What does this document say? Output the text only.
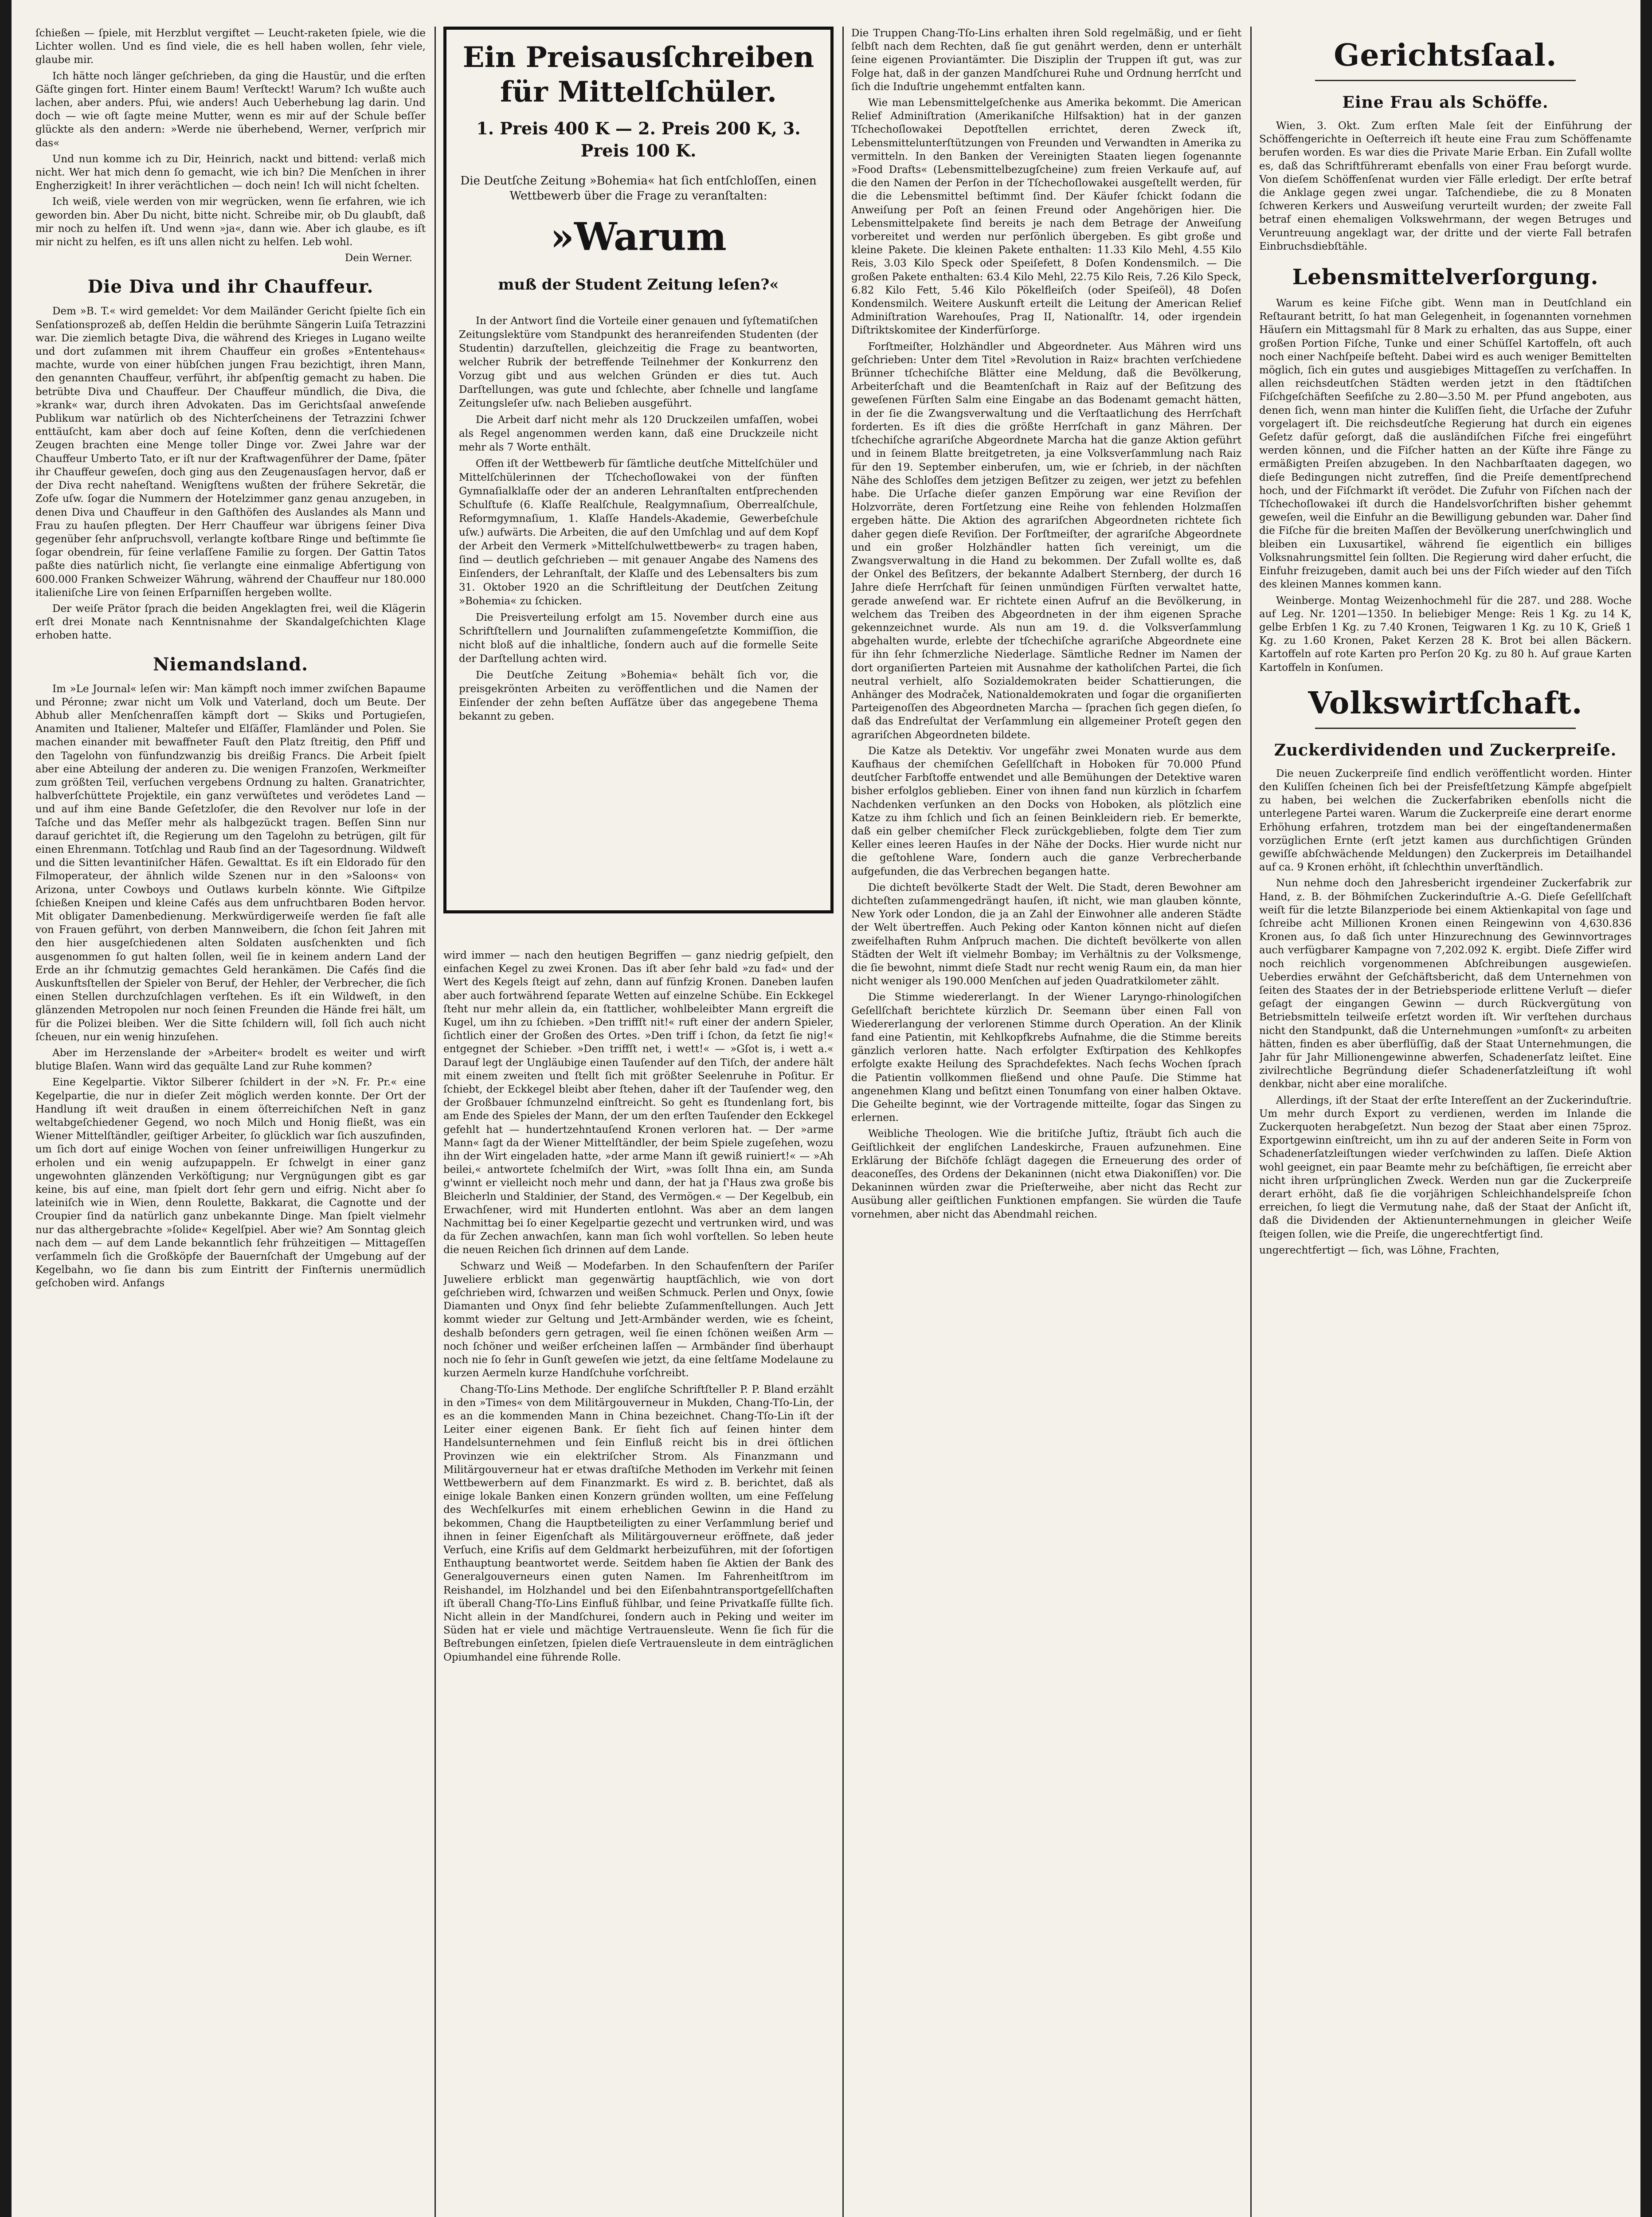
ſchießen — ſpiele, mit Herzblut vergiftet — Leucht-raketen ſpiele, wie die Lichter wollen. Und es ſind viele, die es hell haben wollen, ſehr viele, glaube mir.

Ich hätte noch länger geſchrieben, da ging die Haustür, und die erſten Gäſte gingen fort. Hinter einem Baum! Verſteckt! Warum? Ich wußte auch lachen, aber anders. Pfui, wie anders! Auch Ueberhebung lag darin. Und doch — wie oft ſagte meine Mutter, wenn es mir auf der Schule beſſer glückte als den andern: »Werde nie überhebend, Werner, verſprich mir das«

Und nun komme ich zu Dir, Heinrich, nackt und bittend: verlaß mich nicht. Wer hat mich denn ſo gemacht, wie ich bin? Die Menſchen in ihrer Engherzigkeit! In ihrer verächtlichen — doch nein! Ich will nicht ſchelten.

Ich weiß, viele werden von mir wegrücken, wenn ſie erfahren, wie ich geworden bin. Aber Du nicht, bitte nicht. Schreibe mir, ob Du glaubſt, daß mir noch zu helfen iſt. Und wenn »ja«, dann wie. Aber ich glaube, es iſt mir nicht zu helfen, es iſt uns allen nicht zu helfen. Leb wohl.

Dein Werner.

Die Diva und ihr Chauffeur.

Dem »B. T.« wird gemeldet: Vor dem Mailänder Gericht ſpielte ſich ein Senſationsprozeß ab, deſſen Heldin die berühmte Sängerin Luiſa Tetrazzini war. Die ziemlich betagte Diva, die während des Krieges in Lugano weilte und dort zuſammen mit ihrem Chauffeur ein großes »Ententehaus« machte, wurde von einer hübſchen jungen Frau bezichtigt, ihren Mann, den genannten Chauffeur, verführt, ihr abſpenſtig gemacht zu haben. Die betrübte Diva und Chauffeur. Der Chauffeur mündlich, die Diva, die »krank« war, durch ihren Advokaten. Das im Gerichtsſaal anweſende Publikum war natürlich ob des Nichterſcheinens der Tetrazzini ſchwer enttäuſcht, kam aber doch auf ſeine Koſten, denn die verſchiedenen Zeugen brachten eine Menge toller Dinge vor. Zwei Jahre war der Chauffeur Umberto Tato, er iſt nur der Kraftwagenführer der Dame, ſpäter ihr Chauffeur geweſen, doch ging aus den Zeugenausſagen hervor, daß er der Diva recht naheſtand. Wenigſtens wußten der frühere Sekretär, die Zofe uſw. ſogar die Nummern der Hotelzimmer ganz genau anzugeben, in denen Diva und Chauffeur in den Gaſthöfen des Auslandes als Mann und Frau zu hauſen pflegten. Der Herr Chauffeur war übrigens ſeiner Diva gegenüber ſehr anſpruchsvoll, verlangte koſtbare Ringe und beſtimmte ſie ſogar obendrein, für ſeine verlaſſene Familie zu ſorgen. Der Gattin Tatos paßte dies natürlich nicht, ſie verlangte eine einmalige Abfertigung von 600.000 Franken Schweizer Währung, während der Chauffeur nur 180.000 italieniſche Lire von ſeinen Erſparniſſen hergeben wollte.

Der weiſe Prätor ſprach die beiden Angeklagten frei, weil die Klägerin erſt drei Monate nach Kenntnisnahme der Skandalgeſchichten Klage erhoben hatte.

Niemandsland.

Im »Le Journal« leſen wir: Man kämpft noch immer zwiſchen Bapaume und Péronne; zwar nicht um Volk und Vaterland, doch um Beute. Der Abhub aller Menſchenraſſen kämpft dort — Skiks und Portugieſen, Anamiten und Italiener, Malteſer und Elſäſſer, Flamländer und Polen. Sie machen einander mit bewaffneter Fauſt den Platz ſtreitig, den Pfiff und den Tagelohn von fünfundzwanzig bis dreißig Francs. Die Arbeit ſpielt aber eine Abteilung der anderen zu. Die wenigen Franzoſen, Werkmeiſter zum größten Teil, verſuchen vergebens Ordnung zu halten. Granatrichter, halbverſchüttete Projektile, ein ganz verwüſtetes und verödetes Land — und auf ihm eine Bande Geſetzloſer, die den Revolver nur loſe in der Taſche und das Meſſer mehr als halbgezückt tragen. Beſſen Sinn nur darauf gerichtet iſt, die Regierung um den Tagelohn zu betrügen, gilt für einen Ehrenmann. Totſchlag und Raub ſind an der Tagesordnung. Wildweſt und die Sitten levantiniſcher Häfen. Gewalttat. Es iſt ein Eldorado für den Filmoperateur, der ähnlich wilde Szenen nur in den »Saloons« von Arizona, unter Cowboys und Outlaws kurbeln könnte. Wie Giftpilze ſchießen Kneipen und kleine Cafés aus dem unfruchtbaren Boden hervor. Mit obligater Damenbedienung. Merkwürdigerweiſe werden ſie faſt alle von Frauen geführt, von derben Mannweibern, die ſchon ſeit Jahren mit den hier ausgeſchiedenen alten Soldaten ausſchenkten und ſich ausgenommen ſo gut halten ſollen, weil ſie in keinem andern Land der Erde an ihr ſchmutzig gemachtes Geld herankämen. Die Cafés ſind die Auskunftsſtellen der Spieler von Beruf, der Hehler, der Verbrecher, die ſich einen Stellen durchzuſchlagen verſtehen. Es iſt ein Wildweſt, in den glänzenden Metropolen nur noch ſeinen Freunden die Hände frei hält, um für die Polizei bleiben. Wer die Sitte ſchildern will, ſoll ſich auch nicht ſcheuen, nur ein wenig hinzuſehen.

Aber im Herzenslande der »Arbeiter« brodelt es weiter und wirft blutige Blaſen. Wann wird das gequälte Land zur Ruhe kommen?

Eine Kegelpartie. Viktor Silberer ſchildert in der »N. Fr. Pr.« eine Kegelpartie, die nur in dieſer Zeit möglich werden konnte. Der Ort der Handlung iſt weit draußen in einem öſterreichiſchen Neſt in ganz weltabgeſchiedener Gegend, wo noch Milch und Honig fließt, was ein Wiener Mittelſtändler, geiſtiger Arbeiter, ſo glücklich war ſich auszufinden, um ſich dort auf einige Wochen von ſeiner unfreiwilligen Hungerkur zu erholen und ein wenig aufzupappeln. Er ſchwelgt in einer ganz ungewohnten glänzenden Verköſtigung; nur Vergnügungen gibt es gar keine, bis auf eine, man ſpielt dort ſehr gern und eifrig. Nicht aber ſo lateiniſch wie in Wien, denn Roulette, Bakkarat, die Cagnotte und der Croupier ſind da natürlich ganz unbekannte Dinge. Man ſpielt vielmehr nur das althergebrachte »ſolide« Kegelſpiel. Aber wie? Am Sonntag gleich nach dem — auf dem Lande bekanntlich ſehr frühzeitigen — Mittageſſen verſammeln ſich die Großköpfe der Bauernſchaft der Umgebung auf der Kegelbahn, wo ſie dann bis zum Eintritt der Finſternis unermüdlich geſchoben wird. Anfangs

Ein Preisausſchreiben für Mittelſchüler.
1. Preis 400 K — 2. Preis 200 K, 3. Preis 100 K.
Die Deutſche Zeitung »Bohemia« hat ſich entſchloſſen, einen Wettbewerb über die Frage zu veranſtalten:
»Warum muß der Student Zeitung leſen?«

In der Antwort ſind die Vorteile einer genauen und ſyſtematiſchen Zeitungslektüre vom Standpunkt des heranreifenden Studenten (der Studentin) darzuſtellen, gleichzeitig die Frage zu beantworten, welcher Rubrik der betreffende Teilnehmer der Konkurrenz den Vorzug gibt und aus welchen Gründen er dies tut. Auch Darſtellungen, was gute und ſchlechte, aber ſchnelle und langſame Zeitungsleſer uſw. nach Belieben ausgeführt.

Die Arbeit darf nicht mehr als 120 Druckzeilen umfaſſen, wobei als Regel angenommen werden kann, daß eine Druckzeile nicht mehr als 7 Worte enthält.

Offen iſt der Wettbewerb für ſämtliche deutſche Mittelſchüler und Mittelſchülerinnen der Tſchechoſlowakei von der fünften Gymnaſialklaſſe oder der an anderen Lehranſtalten entſprechenden Schulſtufe (6. Klaſſe Realſchule, Realgymnaſium, Oberrealſchule, Reformgymnaſium, 1. Klaſſe Handels-Akademie, Gewerbeſchule uſw.) aufwärts. Die Arbeiten, die auf den Umſchlag und auf dem Kopf der Arbeit den Vermerk »Mittelſchulwettbewerb« zu tragen haben, ſind — deutlich geſchrieben — mit genauer Angabe des Namens des Einſenders, der Lehranſtalt, der Klaſſe und des Lebensalters bis zum 31. Oktober 1920 an die Schriftleitung der Deutſchen Zeitung »Bohemia« zu ſchicken.

Die Preisverteilung erfolgt am 15. November durch eine aus Schriftſtellern und Journaliſten zuſammengeſetzte Kommiſſion, die nicht bloß auf die inhaltliche, ſondern auch auf die formelle Seite der Darſtellung achten wird.

Die Deutſche Zeitung »Bohemia« behält ſich vor, die preisgekrönten Arbeiten zu veröffentlichen und die Namen der Einſender der zehn beſten Aufſätze über das angegebene Thema bekannt zu geben.

wird immer — nach den heutigen Begriffen — ganz niedrig geſpielt, den einfachen Kegel zu zwei Kronen. Das iſt aber ſehr bald »zu fad« und der Wert des Kegels ſteigt auf zehn, dann auf fünfzig Kronen. Daneben laufen aber auch fortwährend ſeparate Wetten auf einzelne Schübe. Ein Eckkegel ſteht nur mehr allein da, ein ſtattlicher, wohlbeleibter Mann ergreift die Kugel, um ihn zu ſchieben. »Den triffſt nit!« ruft einer der andern Spieler, ſichtlich einer der Großen des Ortes. »Den triff i ſchon, da ſetzt ſie nig!« entgegnet der Schieber. »Den triffſt net, i wett!« — »Gſot is, i wett a.« Darauf legt der Ungläubige einen Tauſender auf den Tiſch, der andere hält mit einem zweiten und ſtellt ſich mit größter Seelenruhe in Poſitur. Er ſchiebt, der Eckkegel bleibt aber ſtehen, daher iſt der Tauſender weg, den der Großbauer ſchmunzelnd einſtreicht. So geht es ſtundenlang fort, bis am Ende des Spieles der Mann, der um den erſten Tauſender den Eckkegel gefehlt hat — hundertzehntauſend Kronen verloren hat. — Der »arme Mann« ſagt da der Wiener Mittelſtändler, der beim Spiele zugeſehen, wozu ihn der Wirt eingeladen hatte, »der arme Mann iſt gewiß ruiniert!« — »Ah beilei,« antwortete ſchelmiſch der Wirt, »was ſollt Ihna ein, am Sunda g'winnt er vielleicht noch mehr und dann, der hat ja ſ'Haus zwa große bis Bleicherln und Staldinier, der Stand, des Vermögen.« — Der Kegelbub, ein Erwachſener, wird mit Hunderten entlohnt. Was aber an dem langen Nachmittag bei ſo einer Kegelpartie gezecht und vertrunken wird, und was da für Zechen anwachſen, kann man ſich wohl vorſtellen. So leben heute die neuen Reichen ſich drinnen auf dem Lande.

Schwarz und Weiß — Modefarben. In den Schaufenſtern der Pariſer Juweliere erblickt man gegenwärtig hauptſächlich, wie von dort geſchrieben wird, ſchwarzen und weißen Schmuck. Perlen und Onyx, ſowie Diamanten und Onyx ſind ſehr beliebte Zuſammenſtellungen. Auch Jett kommt wieder zur Geltung und Jett-Armbänder werden, wie es ſcheint, deshalb beſonders gern getragen, weil ſie einen ſchönen weißen Arm — noch ſchöner und weißer erſcheinen laſſen — Armbänder ſind überhaupt noch nie ſo ſehr in Gunſt geweſen wie jetzt, da eine ſeltſame Modelaune zu kurzen Aermeln kurze Handſchuhe vorſchreibt.

Chang-Tſo-Lins Methode. Der engliſche Schriftſteller P. P. Bland erzählt in den »Times« von dem Militärgouverneur in Mukden, Chang-Tſo-Lin, der es an die kommenden Mann in China bezeichnet. Chang-Tſo-Lin iſt der Leiter einer eigenen Bank. Er ſieht ſich auf ſeinen hinter dem Handelsunternehmen und ſein Einfluß reicht bis in drei öſtlichen Provinzen wie ein elektriſcher Strom. Als Finanzmann und Militärgouverneur hat er etwas draſtiſche Methoden im Verkehr mit ſeinen Wettbewerbern auf dem Finanzmarkt. Es wird z. B. berichtet, daß als einige lokale Banken einen Konzern gründen wollten, um eine Feſſelung des Wechſelkurſes mit einem erheblichen Gewinn in die Hand zu bekommen, Chang die Hauptbeteiligten zu einer Verſammlung berief und ihnen in ſeiner Eigenſchaft als Militärgouverneur eröffnete, daß jeder Verſuch, eine Kriſis auf dem Geldmarkt herbeizuführen, mit der ſofortigen Enthauptung beantwortet werde. Seitdem haben ſie Aktien der Bank des Generalgouverneurs einen guten Namen. Im Fahrenheitſtrom im Reishandel, im Holzhandel und bei den Eiſenbahntransportgeſellſchaften iſt überall Chang-Tſo-Lins Einfluß fühlbar, und ſeine Privatkaſſe füllte ſich. Nicht allein in der Mandſchurei, ſondern auch in Peking und weiter im Süden hat er viele und mächtige Vertrauensleute. Wenn ſie ſich für die Beſtrebungen einſetzen, ſpielen dieſe Vertrauensleute in dem einträglichen Opiumhandel eine führende Rolle.

Die Truppen Chang-Tſo-Lins erhalten ihren Sold regelmäßig, und er ſieht ſelbſt nach dem Rechten, daß ſie gut genährt werden, denn er unterhält ſeine eigenen Proviantämter. Die Disziplin der Truppen iſt gut, was zur Folge hat, daß in der ganzen Mandſchurei Ruhe und Ordnung herrſcht und ſich die Induſtrie ungehemmt entfalten kann.

Wie man Lebensmittelgeſchenke aus Amerika bekommt. Die American Relief Adminiſtration (Amerikaniſche Hilfsaktion) hat in der ganzen Tſchechoſlowakei Depotſtellen errichtet, deren Zweck iſt, Lebensmittelunterſtützungen von Freunden und Verwandten in Amerika zu vermitteln. In den Banken der Vereinigten Staaten liegen ſogenannte »Food Drafts« (Lebensmittelbezugſcheine) zum freien Verkaufe auf, auf die den Namen der Perſon in der Tſchechoſlowakei ausgeſtellt werden, für die die Lebensmittel beſtimmt ſind. Der Käufer ſchickt ſodann die Anweiſung per Poſt an ſeinen Freund oder Angehörigen hier. Die Lebensmittelpakete ſind bereits je nach dem Betrage der Anweiſung vorbereitet und werden nur perſönlich übergeben. Es gibt große und kleine Pakete. Die kleinen Pakete enthalten: 11.33 Kilo Mehl, 4.55 Kilo Reis, 3.03 Kilo Speck oder Speiſefett, 8 Doſen Kondensmilch. — Die großen Pakete enthalten: 63.4 Kilo Mehl, 22.75 Kilo Reis, 7.26 Kilo Speck, 6.82 Kilo Fett, 5.46 Kilo Pökelfleiſch (oder Speiſeöl), 48 Doſen Kondensmilch. Weitere Auskunft erteilt die Leitung der American Relief Adminiſtration Warehouſes, Prag II, Nationalſtr. 14, oder irgendein Diſtriktskomitee der Kinderfürſorge.

Forſtmeiſter, Holzhändler und Abgeordneter. Aus Mähren wird uns geſchrieben: Unter dem Titel »Revolution in Raiz« brachten verſchiedene Brünner tſchechiſche Blätter eine Meldung, daß die Bevölkerung, Arbeiterſchaft und die Beamtenſchaft in Raiz auf der Beſitzung des geweſenen Fürſten Salm eine Eingabe an das Bodenamt gemacht hätten, in der ſie die Zwangsverwaltung und die Verſtaatlichung des Herrſchaft forderten. Es iſt dies die größte Herrſchaft in ganz Mähren. Der tſchechiſche agrariſche Abgeordnete Marcha hat die ganze Aktion geführt und in ſeinem Blatte breitgetreten, ja eine Volksverſammlung nach Raiz für den 19. September einberufen, um, wie er ſchrieb, in der nächſten Nähe des Schloſſes dem jetzigen Beſitzer zu zeigen, wer jetzt zu befehlen habe. Die Urſache dieſer ganzen Empörung war eine Reviſion der Holzvorräte, deren Fortſetzung eine Reihe von fehlenden Holzmaſſen ergeben hätte. Die Aktion des agrariſchen Abgeordneten richtete ſich daher gegen dieſe Reviſion. Der Forſtmeiſter, der agrariſche Abgeordnete und ein großer Holzhändler hatten ſich vereinigt, um die Zwangsverwaltung in die Hand zu bekommen. Der Zufall wollte es, daß der Onkel des Beſitzers, der bekannte Adalbert Sternberg, der durch 16 Jahre dieſe Herrſchaft für ſeinen unmündigen Fürſten verwaltet hatte, gerade anweſend war. Er richtete einen Aufruf an die Bevölkerung, in welchem das Treiben des Abgeordneten in der ihm eigenen Sprache gekennzeichnet wurde. Als nun am 19. d. die Volksverſammlung abgehalten wurde, erlebte der tſchechiſche agrariſche Abgeordnete eine für ihn ſehr ſchmerzliche Niederlage. Sämtliche Redner im Namen der dort organiſierten Parteien mit Ausnahme der katholiſchen Partei, die ſich neutral verhielt, alſo Sozialdemokraten beider Schattierungen, die Anhänger des Modraček, Nationaldemokraten und ſogar die organiſierten Parteigenoſſen des Abgeordneten Marcha — ſprachen ſich gegen dieſen, ſo daß das Endreſultat der Verſammlung ein allgemeiner Proteſt gegen den agrariſchen Abgeordneten bildete.

Die Katze als Detektiv. Vor ungefähr zwei Monaten wurde aus dem Kaufhaus der chemiſchen Geſellſchaft in Hoboken für 70.000 Pfund deutſcher Farbſtoffe entwendet und alle Bemühungen der Detektive waren bisher erfolglos geblieben. Einer von ihnen fand nun kürzlich in ſcharfem Nachdenken verſunken an den Docks von Hoboken, als plötzlich eine Katze zu ihm ſchlich und ſich an ſeinen Beinkleidern rieb. Er bemerkte, daß ein gelber chemiſcher Fleck zurückgeblieben, folgte dem Tier zum Keller eines leeren Hauſes in der Nähe der Docks. Hier wurde nicht nur die geſtohlene Ware, ſondern auch die ganze Verbrecherbande aufgefunden, die das Verbrechen begangen hatte.

Die dichteſt bevölkerte Stadt der Welt. Die Stadt, deren Bewohner am dichteſten zuſammengedrängt hauſen, iſt nicht, wie man glauben könnte, New York oder London, die ja an Zahl der Einwohner alle anderen Städte der Welt übertreffen. Auch Peking oder Kanton können nicht auf dieſen zweifelhaften Ruhm Anſpruch machen. Die dichteſt bevölkerte von allen Städten der Welt iſt vielmehr Bombay; im Verhältnis zu der Volksmenge, die ſie bewohnt, nimmt dieſe Stadt nur recht wenig Raum ein, da man hier nicht weniger als 190.000 Menſchen auf jeden Quadratkilometer zählt.

Die Stimme wiedererlangt. In der Wiener Laryngo-rhinologiſchen Geſellſchaft berichtete kürzlich Dr. Seemann über einen Fall von Wiedererlangung der verlorenen Stimme durch Operation. An der Klinik fand eine Patientin, mit Kehlkopfkrebs Aufnahme, die die Stimme bereits gänzlich verloren hatte. Nach erfolgter Exſtirpation des Kehlkopfes erfolgte exakte Heilung des Sprachdefektes. Nach ſechs Wochen ſprach die Patientin vollkommen fließend und ohne Pauſe. Die Stimme hat angenehmen Klang und beſitzt einen Tonumfang von einer halben Oktave. Die Geheilte beginnt, wie der Vortragende mitteilte, ſogar das Singen zu erlernen.

Weibliche Theologen. Wie die britiſche Juſtiz, ſträubt ſich auch die Geiſtlichkeit der engliſchen Landeskirche, Frauen aufzunehmen. Eine Erklärung der Biſchöfe ſchlägt dagegen die Erneuerung des order of deaconeſſes, des Ordens der Dekaninnen (nicht etwa Diakoniſſen) vor. Die Dekaninnen würden zwar die Prieſterweihe, aber nicht das Recht zur Ausübung aller geiſtlichen Funktionen empfangen. Sie würden die Taufe vornehmen, aber nicht das Abendmahl reichen.

Gerichtsſaal.
Eine Frau als Schöffe.

Wien, 3. Okt. Zum erſten Male ſeit der Einführung der Schöffengerichte in Oeſterreich iſt heute eine Frau zum Schöffenamte berufen worden. Es war dies die Private Marie Erban. Ein Zufall wollte es, daß das Schriftführeramt ebenfalls von einer Frau beſorgt wurde. Von dieſem Schöffenſenat wurden vier Fälle erledigt. Der erſte betraf die Anklage gegen zwei ungar. Taſchendiebe, die zu 8 Monaten ſchweren Kerkers und Ausweiſung verurteilt wurden; der zweite Fall betraf einen ehemaligen Volkswehrmann, der wegen Betruges und Veruntreuung angeklagt war, der dritte und der vierte Fall betrafen Einbruchsdiebſtähle.

Lebensmittelverſorgung.

Warum es keine Fiſche gibt. Wenn man in Deutſchland ein Reſtaurant betritt, ſo hat man Gelegenheit, in ſogenannten vornehmen Häuſern ein Mittagsmahl für 8 Mark zu erhalten, das aus Suppe, einer großen Portion Fiſche, Tunke und einer Schüſſel Kartoffeln, oft auch noch einer Nachſpeiſe beſteht. Dabei wird es auch weniger Bemittelten möglich, ſich ein gutes und ausgiebiges Mittageſſen zu verſchaffen. In allen reichsdeutſchen Städten werden jetzt in den ſtädtiſchen Fiſchgeſchäften Seefiſche zu 2.80—3.50 M. per Pfund angeboten, aus denen ſich, wenn man hinter die Kuliſſen ſieht, die Urſache der Zufuhr vorgelagert iſt. Die reichsdeutſche Regierung hat durch ein eigenes Geſetz dafür geſorgt, daß die ausländiſchen Fiſche frei eingeführt werden können, und die Fiſcher hatten an der Küſte ihre Fänge zu ermäßigten Preiſen abzugeben. In den Nachbarſtaaten dagegen, wo dieſe Bedingungen nicht zutreffen, ſind die Preiſe dementſprechend hoch, und der Fiſchmarkt iſt verödet. Die Zufuhr von Fiſchen nach der Tſchechoſlowakei iſt durch die Handelsvorſchriften bisher gehemmt geweſen, weil die Einfuhr an die Bewilligung gebunden war. Daher ſind die Fiſche für die breiten Maſſen der Bevölkerung unerſchwinglich und bleiben ein Luxusartikel, während ſie eigentlich ein billiges Volksnahrungsmittel ſein ſollten. Die Regierung wird daher erſucht, die Einfuhr freizugeben, damit auch bei uns der Fiſch wieder auf den Tiſch des kleinen Mannes kommen kann.

Weinberge. Montag Weizenhochmehl für die 287. und 288. Woche auf Leg. Nr. 1201—1350. In beliebiger Menge: Reis 1 Kg. zu 14 K, gelbe Erbſen 1 Kg. zu 7.40 Kronen, Teigwaren 1 Kg. zu 10 K, Grieß 1 Kg. zu 1.60 Kronen, Paket Kerzen 28 K. Brot bei allen Bäckern. Kartoffeln auf rote Karten pro Perſon 20 Kg. zu 80 h. Auf graue Karten Kartoffeln in Konſumen.

Volkswirtſchaft.
Zuckerdividenden und Zuckerpreiſe.

Die neuen Zuckerpreiſe ſind endlich veröffentlicht worden. Hinter den Kuliſſen ſcheinen ſich bei der Preisfeſtſetzung Kämpfe abgeſpielt zu haben, bei welchen die Zuckerfabriken ebenſolls nicht die unterlegene Partei waren. Warum die Zuckerpreiſe eine derart enorme Erhöhung erfahren, trotzdem man bei der eingeſtandenermaßen vorzüglichen Ernte (erſt jetzt kamen aus durchſichtigen Gründen gewiſſe abſchwächende Meldungen) den Zuckerpreis im Detailhandel auf ca. 9 Kronen erhöht, iſt ſchlechthin unverſtändlich.

Nun nehme doch den Jahresbericht irgendeiner Zuckerfabrik zur Hand, z. B. der Böhmiſchen Zuckerinduſtrie A.-G. Dieſe Geſellſchaft weiſt für die letzte Bilanzperiode bei einem Aktienkapital von ſage und ſchreibe acht Millionen Kronen einen Reingewinn von 4,630.836 Kronen aus, ſo daß ſich unter Hinzurechnung des Gewinnvortrages auch verfügbarer Kampagne von 7,202.092 K. ergibt. Dieſe Ziffer wird noch reichlich vorgenommenen Abſchreibungen ausgewieſen. Ueberdies erwähnt der Geſchäftsbericht, daß dem Unternehmen von ſeiten des Staates der in der Betriebsperiode erlittene Verluſt — dieſer geſagt der eingangen Gewinn — durch Rückvergütung von Betriebsmitteln teilweiſe erſetzt worden iſt. Wir verſtehen durchaus nicht den Standpunkt, daß die Unternehmungen »umſonſt« zu arbeiten hätten, finden es aber überflüſſig, daß der Staat Unternehmungen, die Jahr für Jahr Millionengewinne abwerfen, Schadenerſatz leiſtet. Eine zivilrechtliche Begründung dieſer Schadenerſatzleiſtung iſt wohl denkbar, nicht aber eine moraliſche.

Allerdings, iſt der Staat der erſte Intereſſent an der Zuckerinduſtrie. Um mehr durch Export zu verdienen, werden im Inlande die Zuckerquoten herabgeſetzt. Nun bezog der Staat aber einen 75proz. Exportgewinn einſtreicht, um ihn zu auf der anderen Seite in Form von Schadenerſatzleiſtungen wieder verſchwinden zu laſſen. Dieſe Aktion wohl geeignet, ein paar Beamte mehr zu beſchäftigen, ſie erreicht aber nicht ihren urſprünglichen Zweck. Werden nun gar die Zuckerpreiſe derart erhöht, daß ſie die vorjährigen Schleichhandelspreiſe ſchon erreichen, ſo liegt die Vermutung nahe, daß der Staat der Anſicht iſt, daß die Dividenden der Aktienunternehmungen in gleicher Weiſe ſteigen ſollen, wie die Preiſe, die ungerechtfertigt ſind.

ungerechtfertigt — ſich, was Löhne, Frachten,
